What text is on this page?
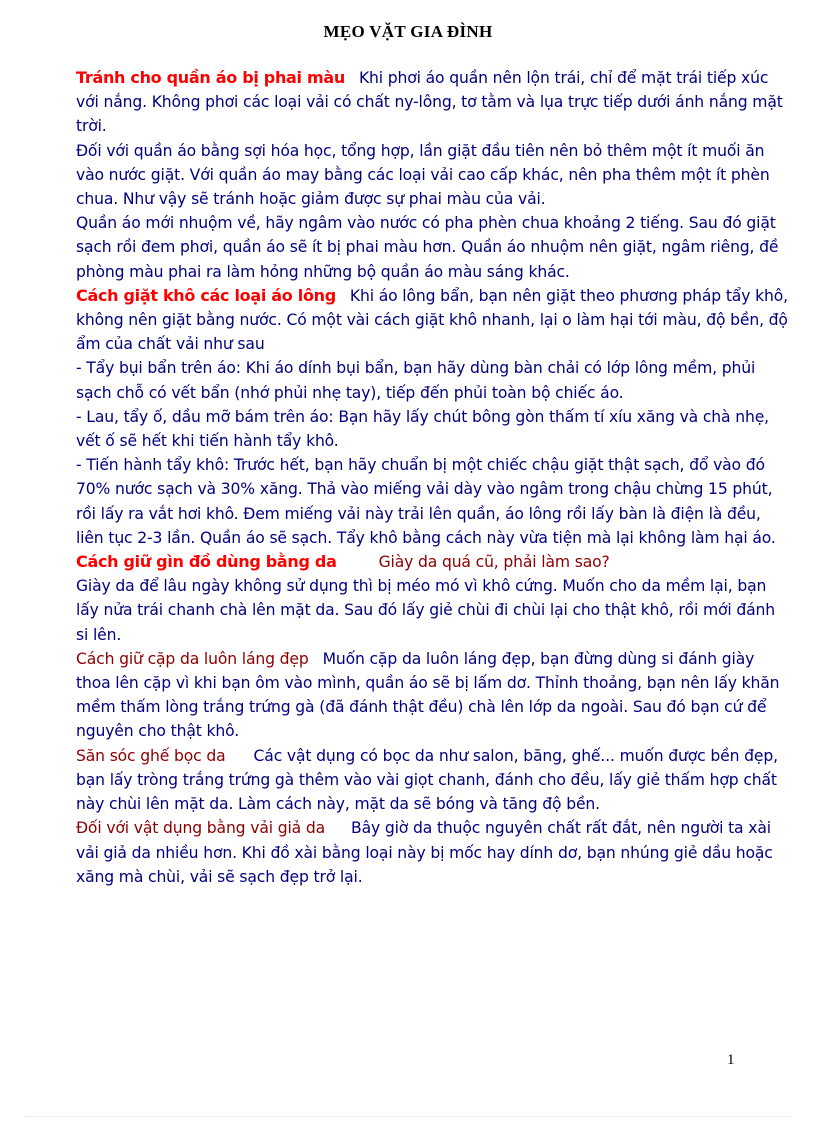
MẸO VẶT GIA ĐÌNH

Tránh cho quần áo bị phai màu Khi phơi áo quần nên lộn trái, chỉ để mặt trái tiếp xúc với nắng. Không phơi các loại vải có chất ny-lông, tơ tằm và lụa trực tiếp dưới ánh nắng mặt trời.

Đối với quần áo bằng sợi hóa học, tổng hợp, lần giặt đầu tiên nên bỏ thêm một ít muối ăn vào nước giặt. Với quần áo may bằng các loại vải cao cấp khác, nên pha thêm một ít phèn chua. Như vậy sẽ tránh hoặc giảm được sự phai màu của vải.

Quần áo mới nhuộm về, hãy ngâm vào nước có pha phèn chua khoảng 2 tiếng. Sau đó giặt sạch rồi đem phơi, quần áo sẽ ít bị phai màu hơn. Quần áo nhuộm nên giặt, ngâm riêng, đề phòng màu phai ra làm hỏng những bộ quần áo màu sáng khác.

Cách giặt khô các loại áo lông Khi áo lông bẩn, bạn nên giặt theo phương pháp tẩy khô, không nên giặt bằng nước. Có một vài cách giặt khô nhanh, lại o làm hại tới màu, độ bền, độ ẩm của chất vải như sau

- Tẩy bụi bẩn trên áo: Khi áo dính bụi bẩn, bạn hãy dùng bàn chải có lớp lông mềm, phủi sạch chỗ có vết bẩn (nhớ phủi nhẹ tay), tiếp đến phủi toàn bộ chiếc áo.

- Lau, tẩy ố, dầu mỡ bám trên áo: Bạn hãy lấy chút bông gòn thấm tí xíu xăng và chà nhẹ, vết ố sẽ hết khi tiến hành tẩy khô.

- Tiến hành tẩy khô: Trước hết, bạn hãy chuẩn bị một chiếc chậu giặt thật sạch, đổ vào đó 70% nước sạch và 30% xăng. Thả vào miếng vải dày vào ngâm trong chậu chừng 15 phút, rồi lấy ra vắt hơi khô. Đem miếng vải này trải lên quần, áo lông rồi lấy bàn là điện là đều, liên tục 2-3 lần. Quần áo sẽ sạch. Tẩy khô bằng cách này vừa tiện mà lại không làm hại áo.

Cách giữ gìn đồ dùng bằng da	Giày da quá cũ, phải làm sao?

Giày da để lâu ngày không sử dụng thì bị méo mó vì khô cứng. Muốn cho da mềm lại, bạn lấy nửa trái chanh chà lên mặt da. Sau đó lấy giẻ chùi đi chùi lại cho thật khô, rồi mới đánh si lên.

Cách giữ cặp da luôn láng đẹp Muốn cặp da luôn láng đẹp, bạn đừng dùng si đánh giày thoa lên cặp vì khi bạn ôm vào mình, quần áo sẽ bị lấm dơ. Thỉnh thoảng, bạn nên lấy khăn mềm thấm lòng trắng trứng gà (đã đánh thật đều) chà lên lớp da ngoài. Sau đó bạn cứ để nguyên cho thật khô.

Săn sóc ghế bọc da Các vật dụng có bọc da như salon, băng, ghế... muốn được bền đẹp, bạn lấy tròng trắng trứng gà thêm vào vài giọt chanh, đánh cho đều, lấy giẻ thấm hợp chất này chùi lên mặt da. Làm cách này, mặt da sẽ bóng và tăng độ bền.

Đối với vật dụng bằng vải giả da Bây giờ da thuộc nguyên chất rất đắt, nên người ta xài vải giả da nhiều hơn. Khi đồ xài bằng loại này bị mốc hay dính dơ, bạn nhúng giẻ dầu hoặc xăng mà chùi, vải sẽ sạch đẹp trở lại.

1
